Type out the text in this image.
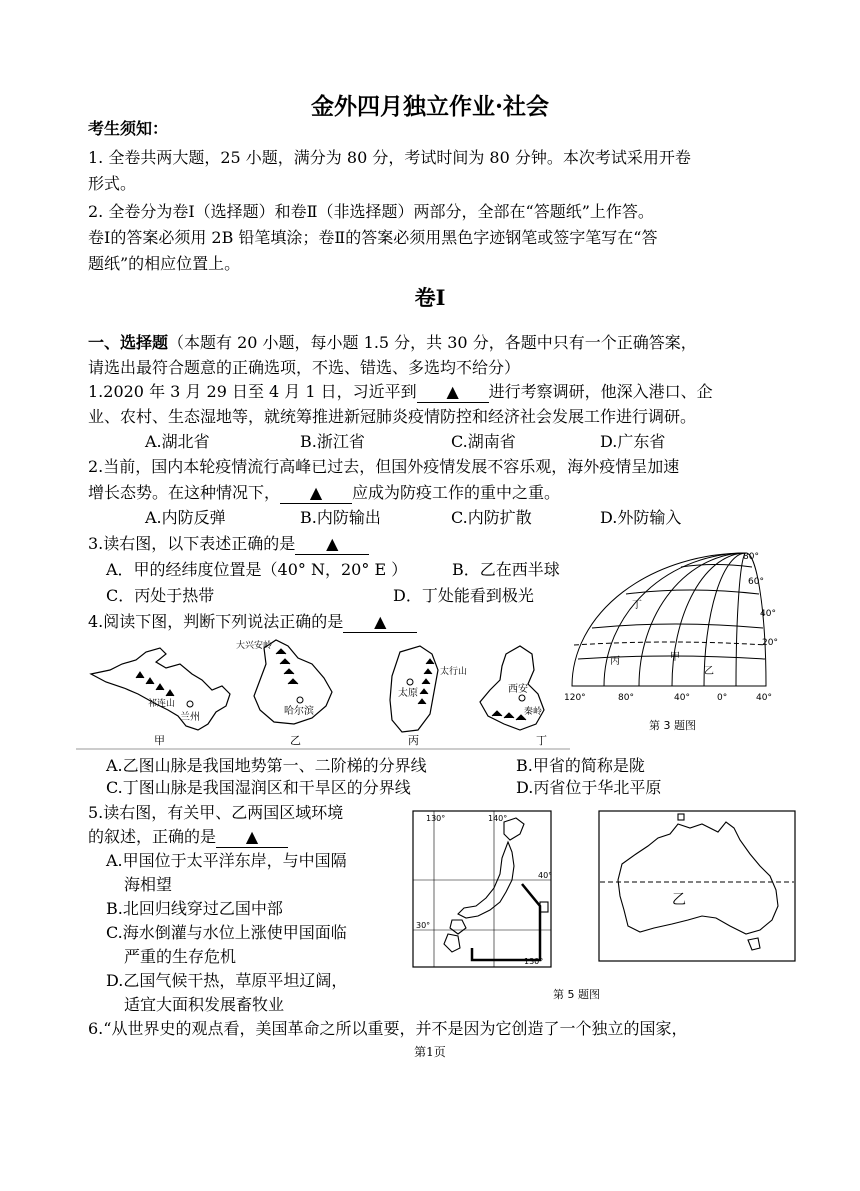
金外四月独立作业·社会
考生须知：
1. 全卷共两大题，25 小题，满分为 80 分，考试时间为 80 分钟。本次考试采用开卷
形式。
2. 全卷分为卷Ⅰ（选择题）和卷Ⅱ（非选择题）两部分，全部在“答题纸”上作答。
卷Ⅰ的答案必须用 2B 铅笔填涂；卷Ⅱ的答案必须用黑色字迹钢笔或签字笔写在“答
题纸”的相应位置上。
卷Ⅰ
一、选择题（本题有 20 小题，每小题 1.5 分，共 30 分，各题中只有一个正确答案，
请选出最符合题意的正确选项，不选、错选、多选均不给分）
1.2020 年 3 月 29 日至 4 月 1 日，习近平到 ▲ 进行考察调研，他深入港口、企
业、农村、生态湿地等，就统筹推进新冠肺炎疫情防控和经济社会发展工作进行调研。
A.湖北省	B.浙江省	C.湖南省	D.广东省
2.当前，国内本轮疫情流行高峰已过去，但国外疫情发展不容乐观，海外疫情呈加速
增长态势。在这种情况下， ▲ 应成为防疫工作的重中之重。
A.内防反弹	B.内防输出	C.内防扩散	D.外防输入
3.读右图，以下表述正确的是 ▲
A．甲的经纬度位置是（40° N，20° E ）	B．乙在西半球
C．丙处于热带	D．丁处能看到极光
甲
乙
丙
丁
80°
60°
40°
20°
120°	80°	40°	0°	40°
第 3 题图
4.阅读下图，判断下列说法正确的是 ▲
祁连山
兰州
大兴安岭
哈尔滨
太原
太行山
西安
秦岭
甲	乙	丙	丁
A.乙图山脉是我国地势第一、二阶梯的分界线	B.甲省的简称是陇
C.丁图山脉是我国湿润区和干旱区的分界线	D.丙省位于华北平原
5.读右图，有关甲、乙两国区域环境
的叙述，正确的是 ▲
A.甲国位于太平洋东岸，与中国隔
海相望
B.北回归线穿过乙国中部
C.海水倒灌与水位上涨使甲国面临
严重的生存危机
D.乙国气候干热，草原平坦辽阔，
适宜大面积发展畜牧业
130°	140°
40°
30°
130°
乙
第 5 题图
6.“从世界史的观点看，美国革命之所以重要，并不是因为它创造了一个独立的国家，
第1页
